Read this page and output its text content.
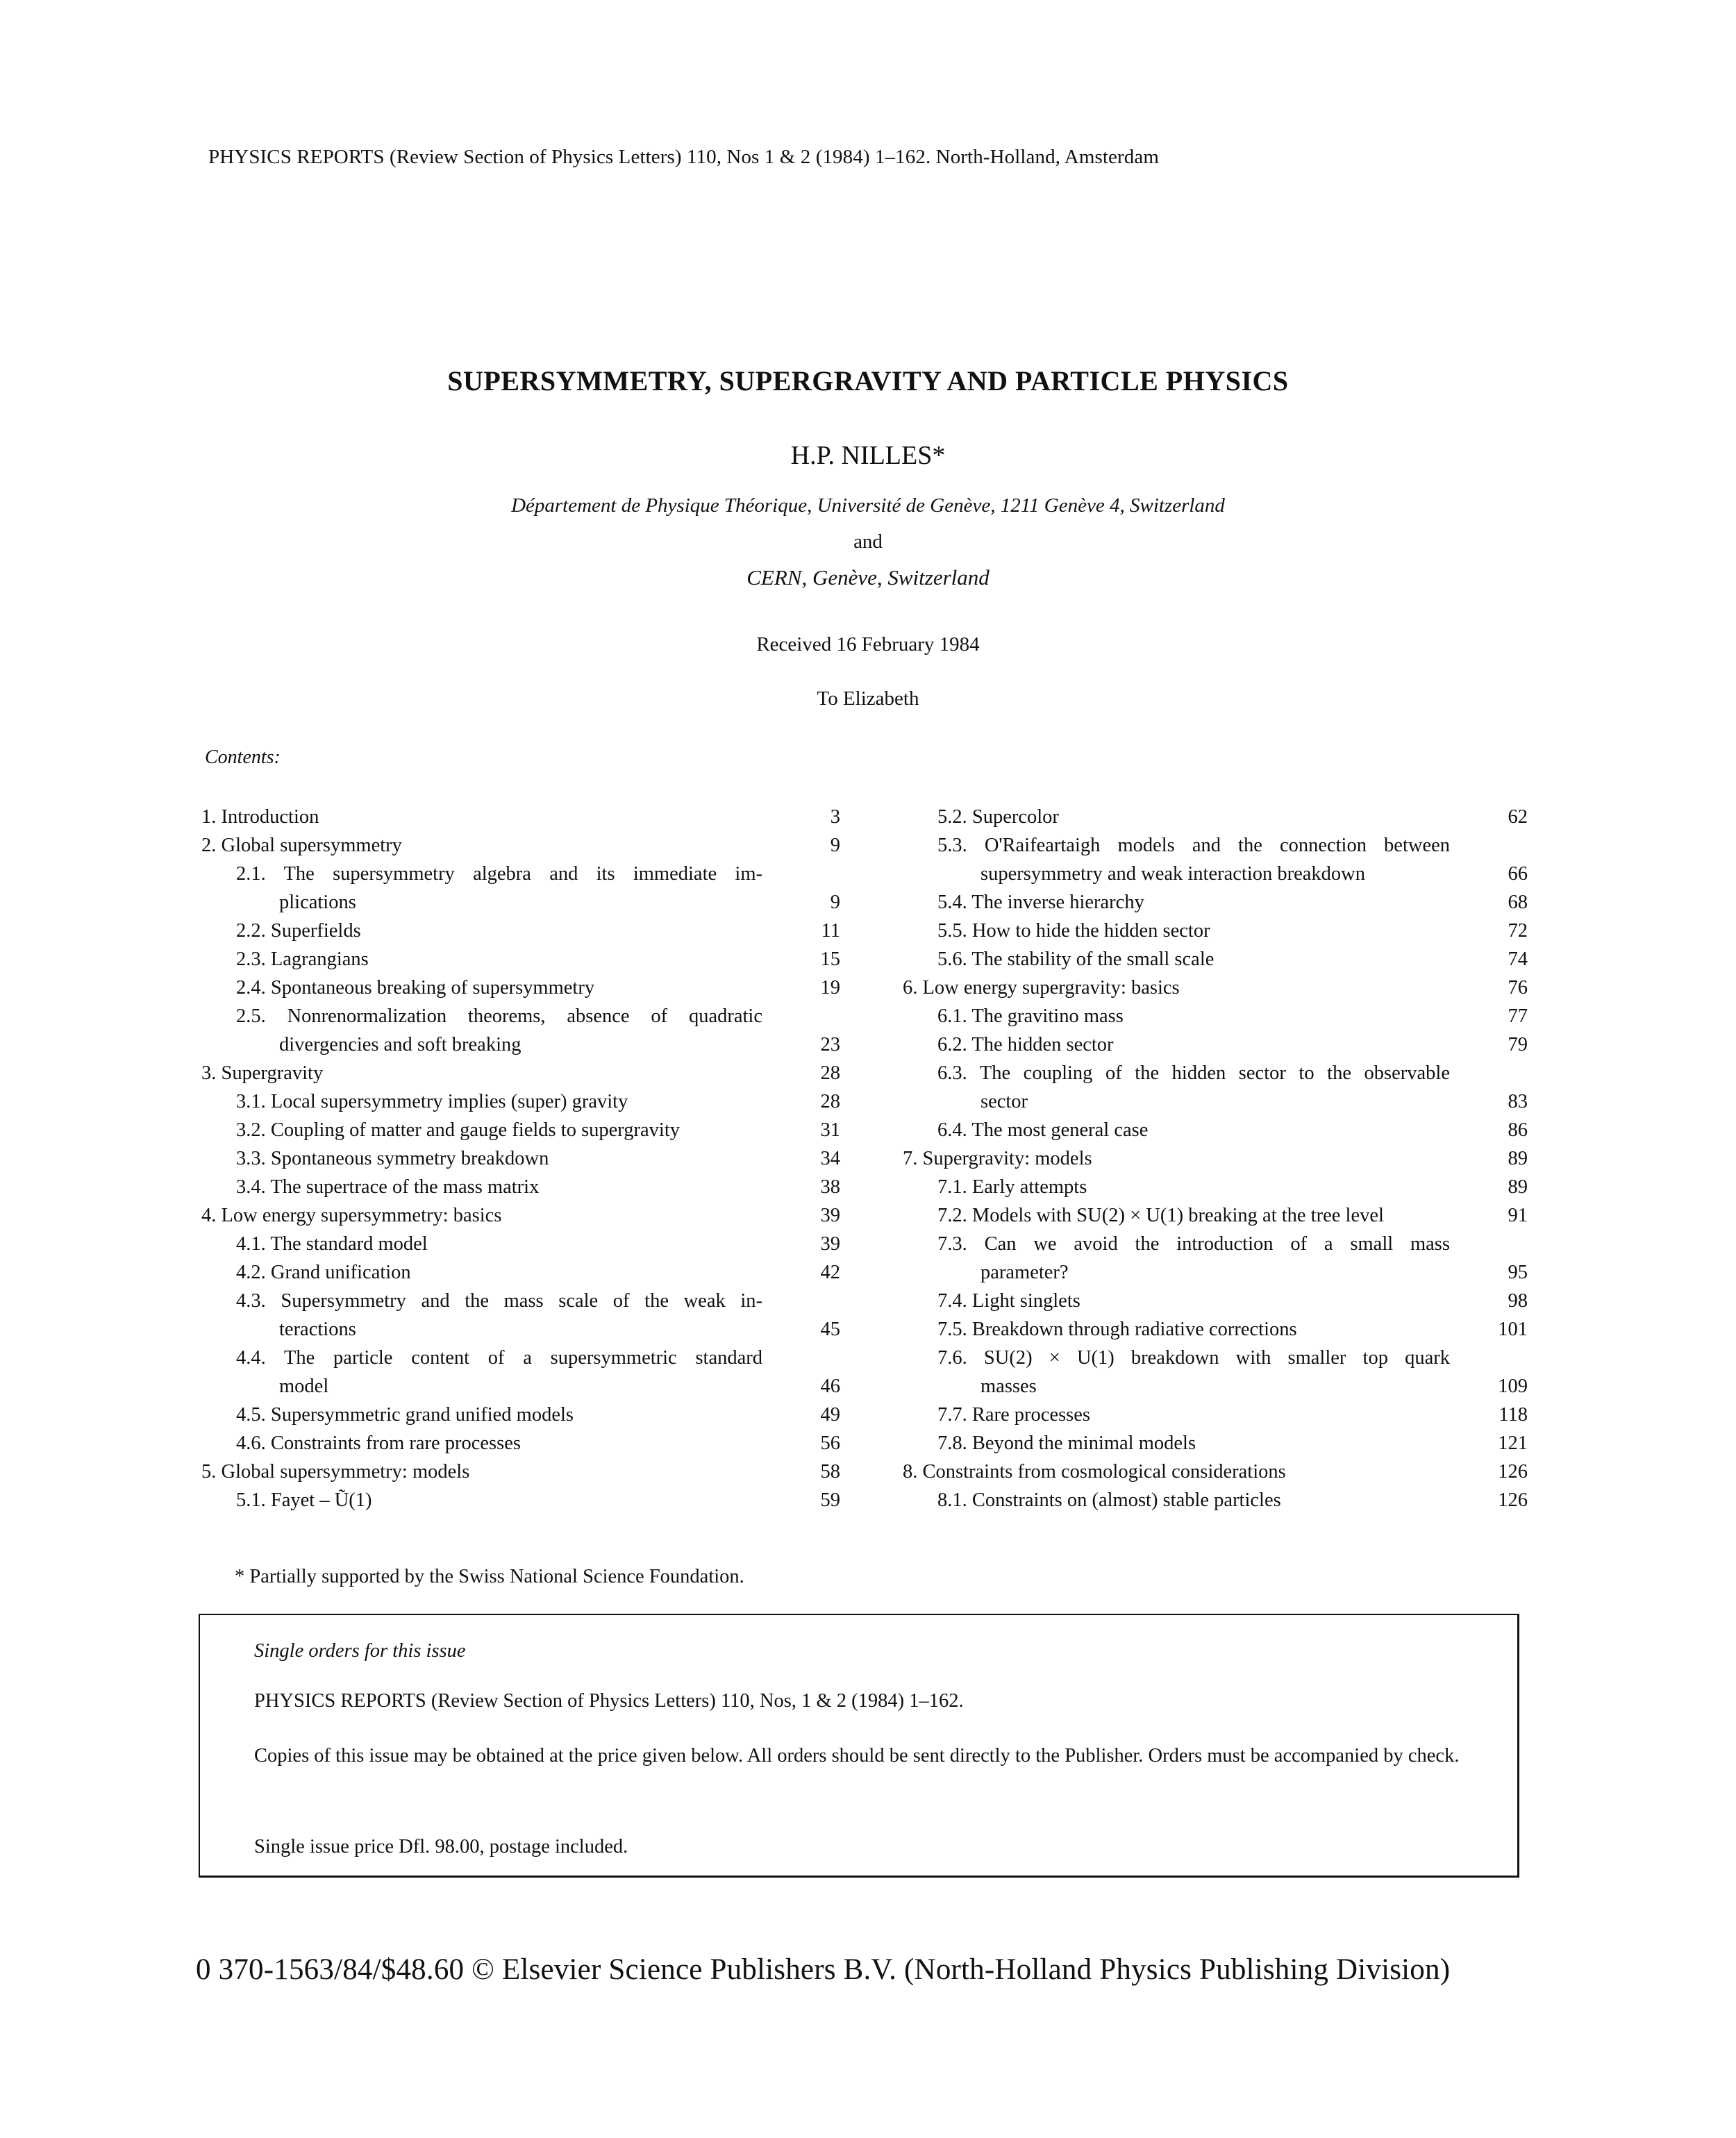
PHYSICS REPORTS (Review Section of Physics Letters) 110, Nos 1 & 2 (1984) 1–162. North-Holland, Amsterdam
SUPERSYMMETRY, SUPERGRAVITY AND PARTICLE PHYSICS
H.P. NILLES*
Département de Physique Théorique, Université de Genève, 1211 Genève 4, Switzerland
and
CERN, Genève, Switzerland
Received 16 February 1984
To Elizabeth
Contents:
1. Introduction	3
2. Global supersymmetry	9
2.1. The supersymmetry algebra and its immediate im-
plications	9
2.2. Superfields	11
2.3. Lagrangians	15
2.4. Spontaneous breaking of supersymmetry	19
2.5. Nonrenormalization theorems, absence of quadratic
divergencies and soft breaking	23
3. Supergravity	28
3.1. Local supersymmetry implies (super) gravity	28
3.2. Coupling of matter and gauge fields to supergravity	31
3.3. Spontaneous symmetry breakdown	34
3.4. The supertrace of the mass matrix	38
4. Low energy supersymmetry: basics	39
4.1. The standard model	39
4.2. Grand unification	42
4.3. Supersymmetry and the mass scale of the weak in-
teractions	45
4.4. The particle content of a supersymmetric standard
model	46
4.5. Supersymmetric grand unified models	49
4.6. Constraints from rare processes	56
5. Global supersymmetry: models	58
5.1. Fayet – Ũ(1)	59
5.2. Supercolor	62
5.3. O'Raifeartaigh models and the connection between
supersymmetry and weak interaction breakdown	66
5.4. The inverse hierarchy	68
5.5. How to hide the hidden sector	72
5.6. The stability of the small scale	74
6. Low energy supergravity: basics	76
6.1. The gravitino mass	77
6.2. The hidden sector	79
6.3. The coupling of the hidden sector to the observable
sector	83
6.4. The most general case	86
7. Supergravity: models	89
7.1. Early attempts	89
7.2. Models with SU(2) × U(1) breaking at the tree level	91
7.3. Can we avoid the introduction of a small mass
parameter?	95
7.4. Light singlets	98
7.5. Breakdown through radiative corrections	101
7.6. SU(2) × U(1) breakdown with smaller top quark
masses	109
7.7. Rare processes	118
7.8. Beyond the minimal models	121
8. Constraints from cosmological considerations	126
8.1. Constraints on (almost) stable particles	126
* Partially supported by the Swiss National Science Foundation.
Single orders for this issue
PHYSICS REPORTS (Review Section of Physics Letters) 110, Nos, 1 & 2 (1984) 1–162.
Copies of this issue may be obtained at the price given below. All orders should be sent directly to the Publisher. Orders must be accompanied by check.
Single issue price Dfl. 98.00, postage included.
0 370-1563/84/$48.60 © Elsevier Science Publishers B.V. (North-Holland Physics Publishing Division)
